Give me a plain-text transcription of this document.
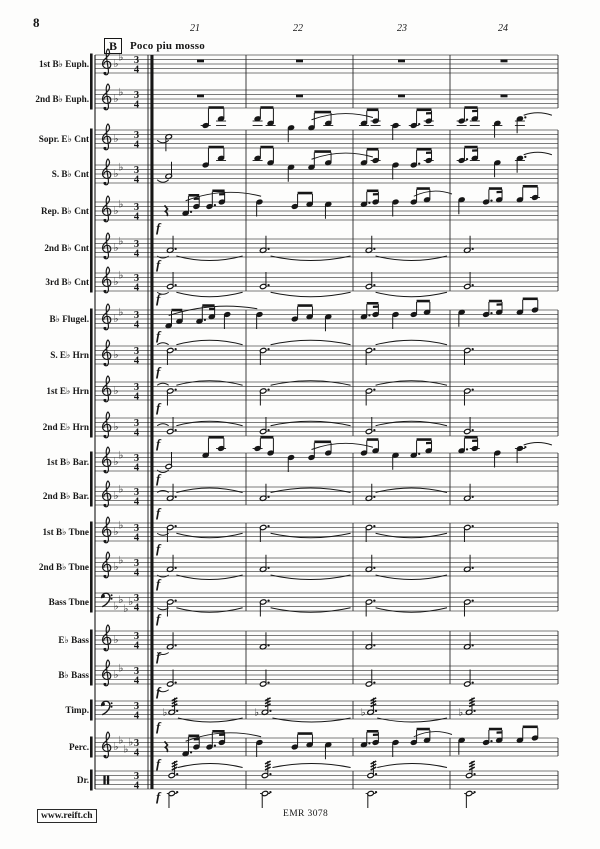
8	21	22	23	24
B	Poco piu mosso
1st B♭ Euph. ♭
♭ 3
4
2nd B♭ Euph. ♭
♭ 3
4
Sopr. E♭ Cnt ♭ 3
4
S. B♭ Cnt ♭
♭ 3
4
Rep. B♭ Cnt ♭
♭ 3
4
f
2nd B♭ Cnt ♭
♭ 3
4
f
3rd B♭ Cnt ♭
♭ 3
4
f
B♭ Flugel. ♭
♭ 3
4
f
S. E♭ Hrn ♭ 3
4
f
1st E♭ Hrn ♭ 3
4
f
2nd E♭ Hrn ♭ 3
4
f
1st B♭ Bar. ♭
♭ 3
4
f
2nd B♭ Bar. ♭
♭ 3
4
f
1st B♭ Tbne ♭
♭ 3
4
f
2nd B♭ Tbne ♭
♭ 3
4
f
Bass Tbne ♭
♭
♭
♭ 3
4
f
E♭ Bass ♭ 3
4
f
B♭ Bass ♭
♭ 3
4
f
Timp.	3
4
f
♭	♭	♭	♭
Perc. ♭
♭
♭
♭ 3
4
f
Dr.	3
4
f
www.reift.ch	EMR 3078
